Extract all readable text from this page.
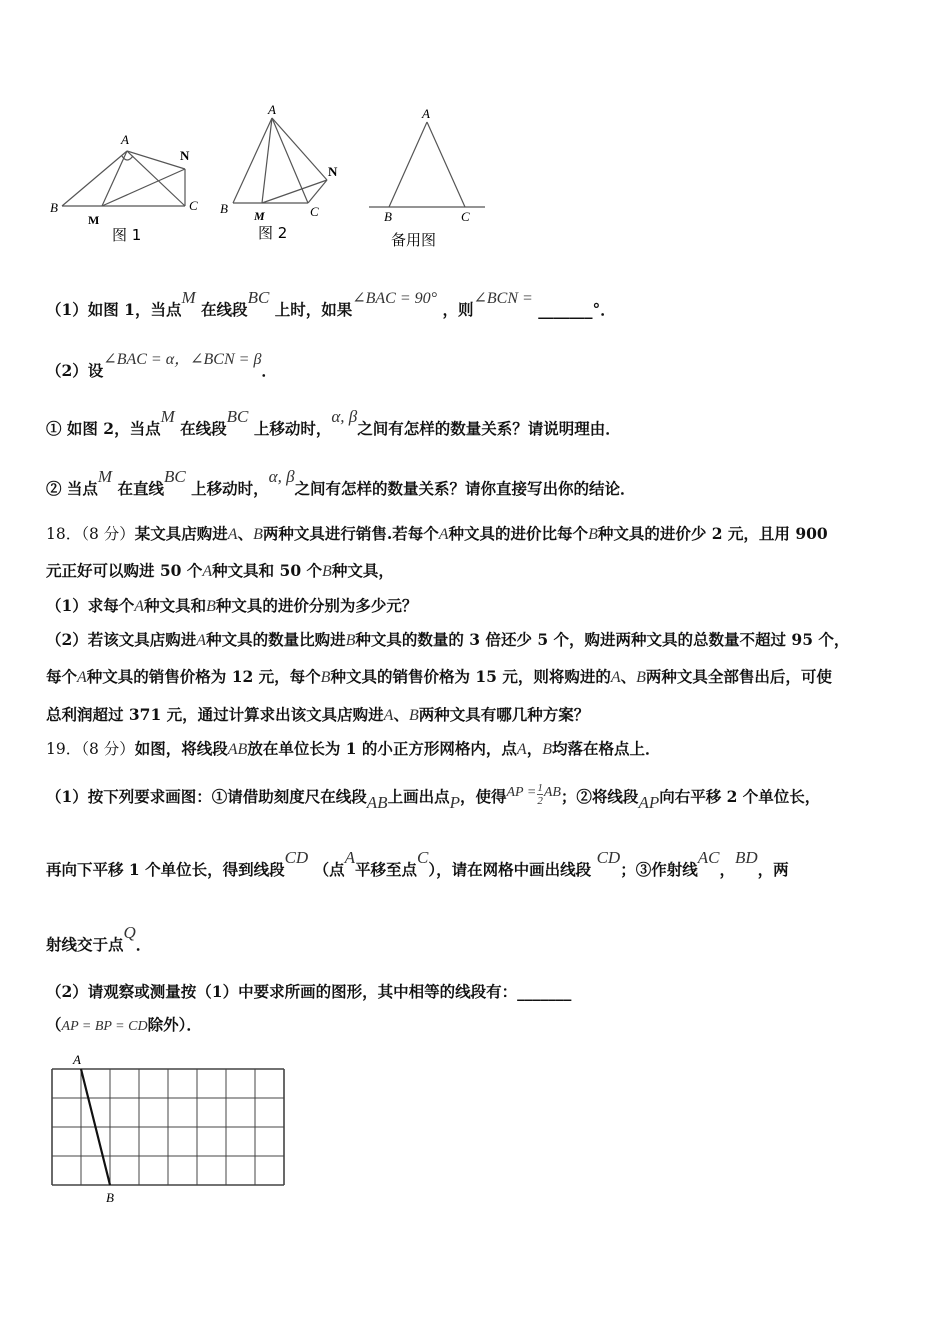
A
B
M
N
C
图 1
A
B M
N
C
图 2
A
B	C
备用图
（1）如图 1，当点M 在线段BC 上时，如果∠BAC = 90° ，则∠BCN = _______°．
（2）设∠BAC = α，∠BCN = β．
① 如图 2，当点M 在线段BC 上移动时，α, β之间有怎样的数量关系？请说明理由．
② 当点M 在直线BC 上移动时，α, β之间有怎样的数量关系？请你直接写出你的结论．
18．（8 分）某文具店购进A、B两种文具进行销售.若每个A种文具的进价比每个B种文具的进价少 2 元，且用 900
元正好可以购进 50 个A种文具和 50 个B种文具，
（1）求每个A种文具和B种文具的进价分别为多少元？
（2）若该文具店购进A种文具的数量比购进B种文具的数量的 3 倍还少 5 个，购进两种文具的总数量不超过 95 个，
每个A种文具的销售价格为 12 元，每个B种文具的销售价格为 15 元，则将购进的A、B两种文具全部售出后，可使
总利润超过 371 元，通过计算求出该文具店购进A、B两种文具有哪几种方案？
19．（8 分）如图，将线段AB放在单位长为 1 的小正方形网格内，点A，B均落在格点上．
（1）按下列要求画图：①请借助刻度尺在线段AB上画出点P，使得AP = $\frac{1}{2}$ AB；②将线段AP向右平移 2 个单位长，
再向下平移 1 个单位长，得到线段CD （点A平移至点C），请在网格中画出线段 CD；③作射线AC，BD，两
射线交于点Q．
（2）请观察或测量按（1）中要求所画的图形，其中相等的线段有：_______
（AP = BP = CD除外）．
A
B
